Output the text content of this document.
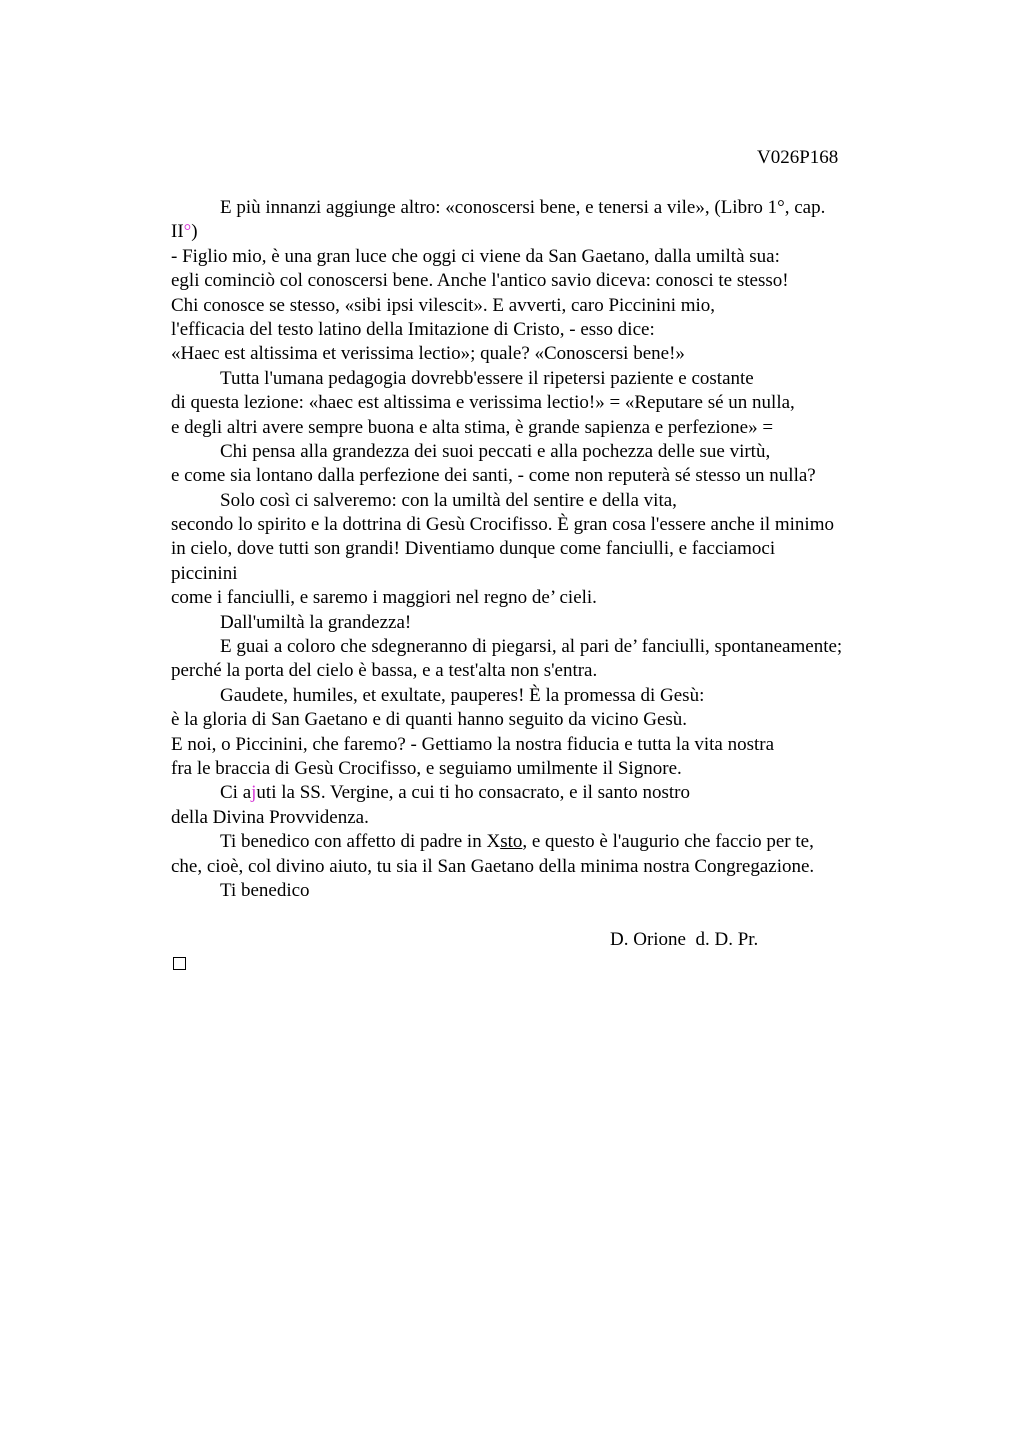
V026P168
E più innanzi aggiunge altro: «conoscersi bene, e tenersi a vile», (Libro 1°, cap.
II°)
- Figlio mio, è una gran luce che oggi ci viene da San Gaetano, dalla umiltà sua:
egli cominciò col conoscersi bene. Anche l'antico savio diceva: conosci te stesso!
Chi conosce se stesso, «sibi ipsi vilescit». E avverti, caro Piccinini mio,
l'efficacia del testo latino della Imitazione di Cristo, - esso dice:
«Haec est altissima et verissima lectio»; quale? «Conoscersi bene!»
Tutta l'umana pedagogia dovrebb'essere il ripetersi paziente e costante
di questa lezione: «haec est altissima e verissima lectio!» = «Reputare sé un nulla,
e degli altri avere sempre buona e alta stima, è grande sapienza e perfezione» =
Chi pensa alla grandezza dei suoi peccati e alla pochezza delle sue virtù,
e come sia lontano dalla perfezione dei santi, - come non reputerà sé stesso un nulla?
Solo così ci salveremo: con la umiltà del sentire e della vita,
secondo lo spirito e la dottrina di Gesù Crocifisso. È gran cosa l'essere anche il minimo
in cielo, dove tutti son grandi! Diventiamo dunque come fanciulli, e facciamoci
piccinini
come i fanciulli, e saremo i maggiori nel regno de’ cieli.
Dall'umiltà la grandezza!
E guai a coloro che sdegneranno di piegarsi, al pari de’ fanciulli, spontaneamente;
perché la porta del cielo è bassa, e a test'alta non s'entra.
Gaudete, humiles, et exultate, pauperes! È la promessa di Gesù:
è la gloria di San Gaetano e di quanti hanno seguito da vicino Gesù.
E noi, o Piccinini, che faremo? - Gettiamo la nostra fiducia e tutta la vita nostra
fra le braccia di Gesù Crocifisso, e seguiamo umilmente il Signore.
Ci ajuti la SS. Vergine, a cui ti ho consacrato, e il santo nostro
della Divina Provvidenza.
Ti benedico con affetto di padre in Xsto, e questo è l'augurio che faccio per te,
che, cioè, col divino aiuto, tu sia il San Gaetano della minima nostra Congregazione.
Ti benedico
D. Orione  d. D. Pr.
